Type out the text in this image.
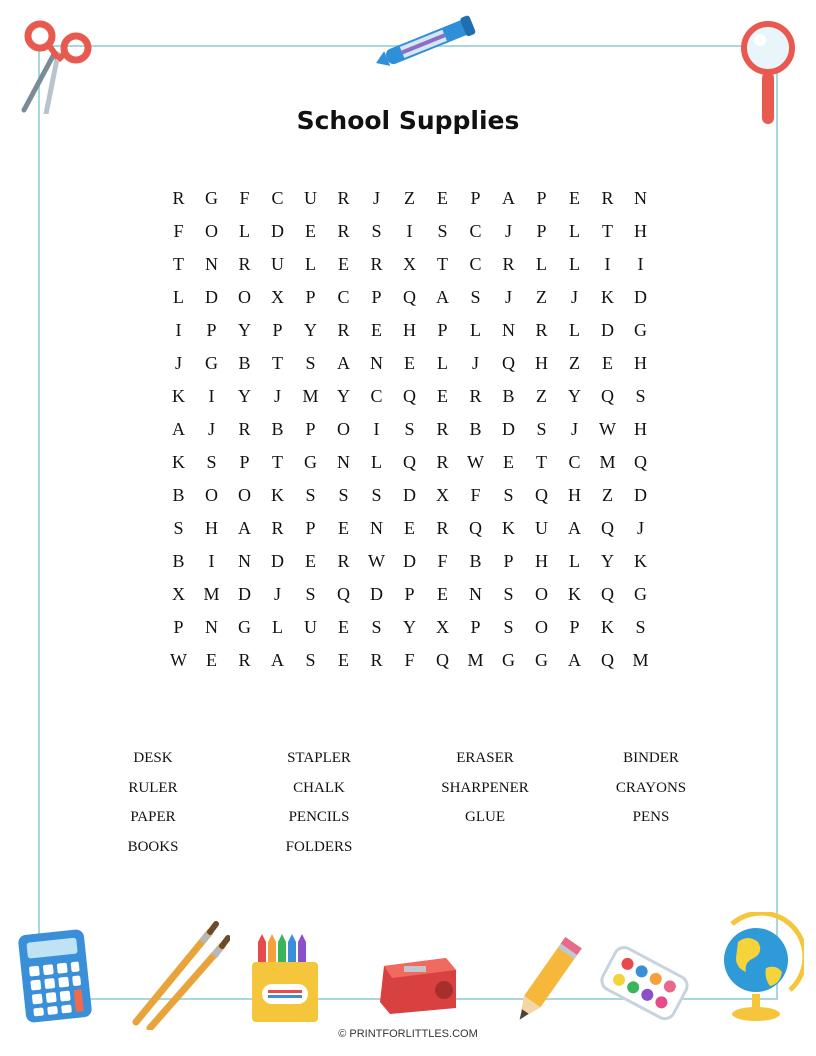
School Supplies
R	G	F	C	U	R	J	Z	E	P	A	P	E	R	N
F	O	L	D	E	R	S	I	S	C	J	P	L	T	H
T	N	R	U	L	E	R	X	T	C	R	L	L	I	I
L	D	O	X	P	C	P	Q	A	S	J	Z	J	K	D
I	P	Y	P	Y	R	E	H	P	L	N	R	L	D	G
J	G	B	T	S	A	N	E	L	J	Q	H	Z	E	H
K	I	Y	J	M	Y	C	Q	E	R	B	Z	Y	Q	S
A	J	R	B	P	O	I	S	R	B	D	S	J	W	H
K	S	P	T	G	N	L	Q	R	W	E	T	C	M	Q
B	O	O	K	S	S	S	D	X	F	S	Q	H	Z	D
S	H	A	R	P	E	N	E	R	Q	K	U	A	Q	J
B	I	N	D	E	R	W	D	F	B	P	H	L	Y	K
X	M	D	J	S	Q	D	P	E	N	S	O	K	Q	G
P	N	G	L	U	E	S	Y	X	P	S	O	P	K	S
W	E	R	A	S	E	R	F	Q	M	G	G	A	Q	M
DESK	STAPLER	ERASER	BINDER
RULER	CHALK	SHARPENER	CRAYONS
PAPER	PENCILS	GLUE	PENS
BOOKS	FOLDERS
© PRINTFORLITTLES.COM
